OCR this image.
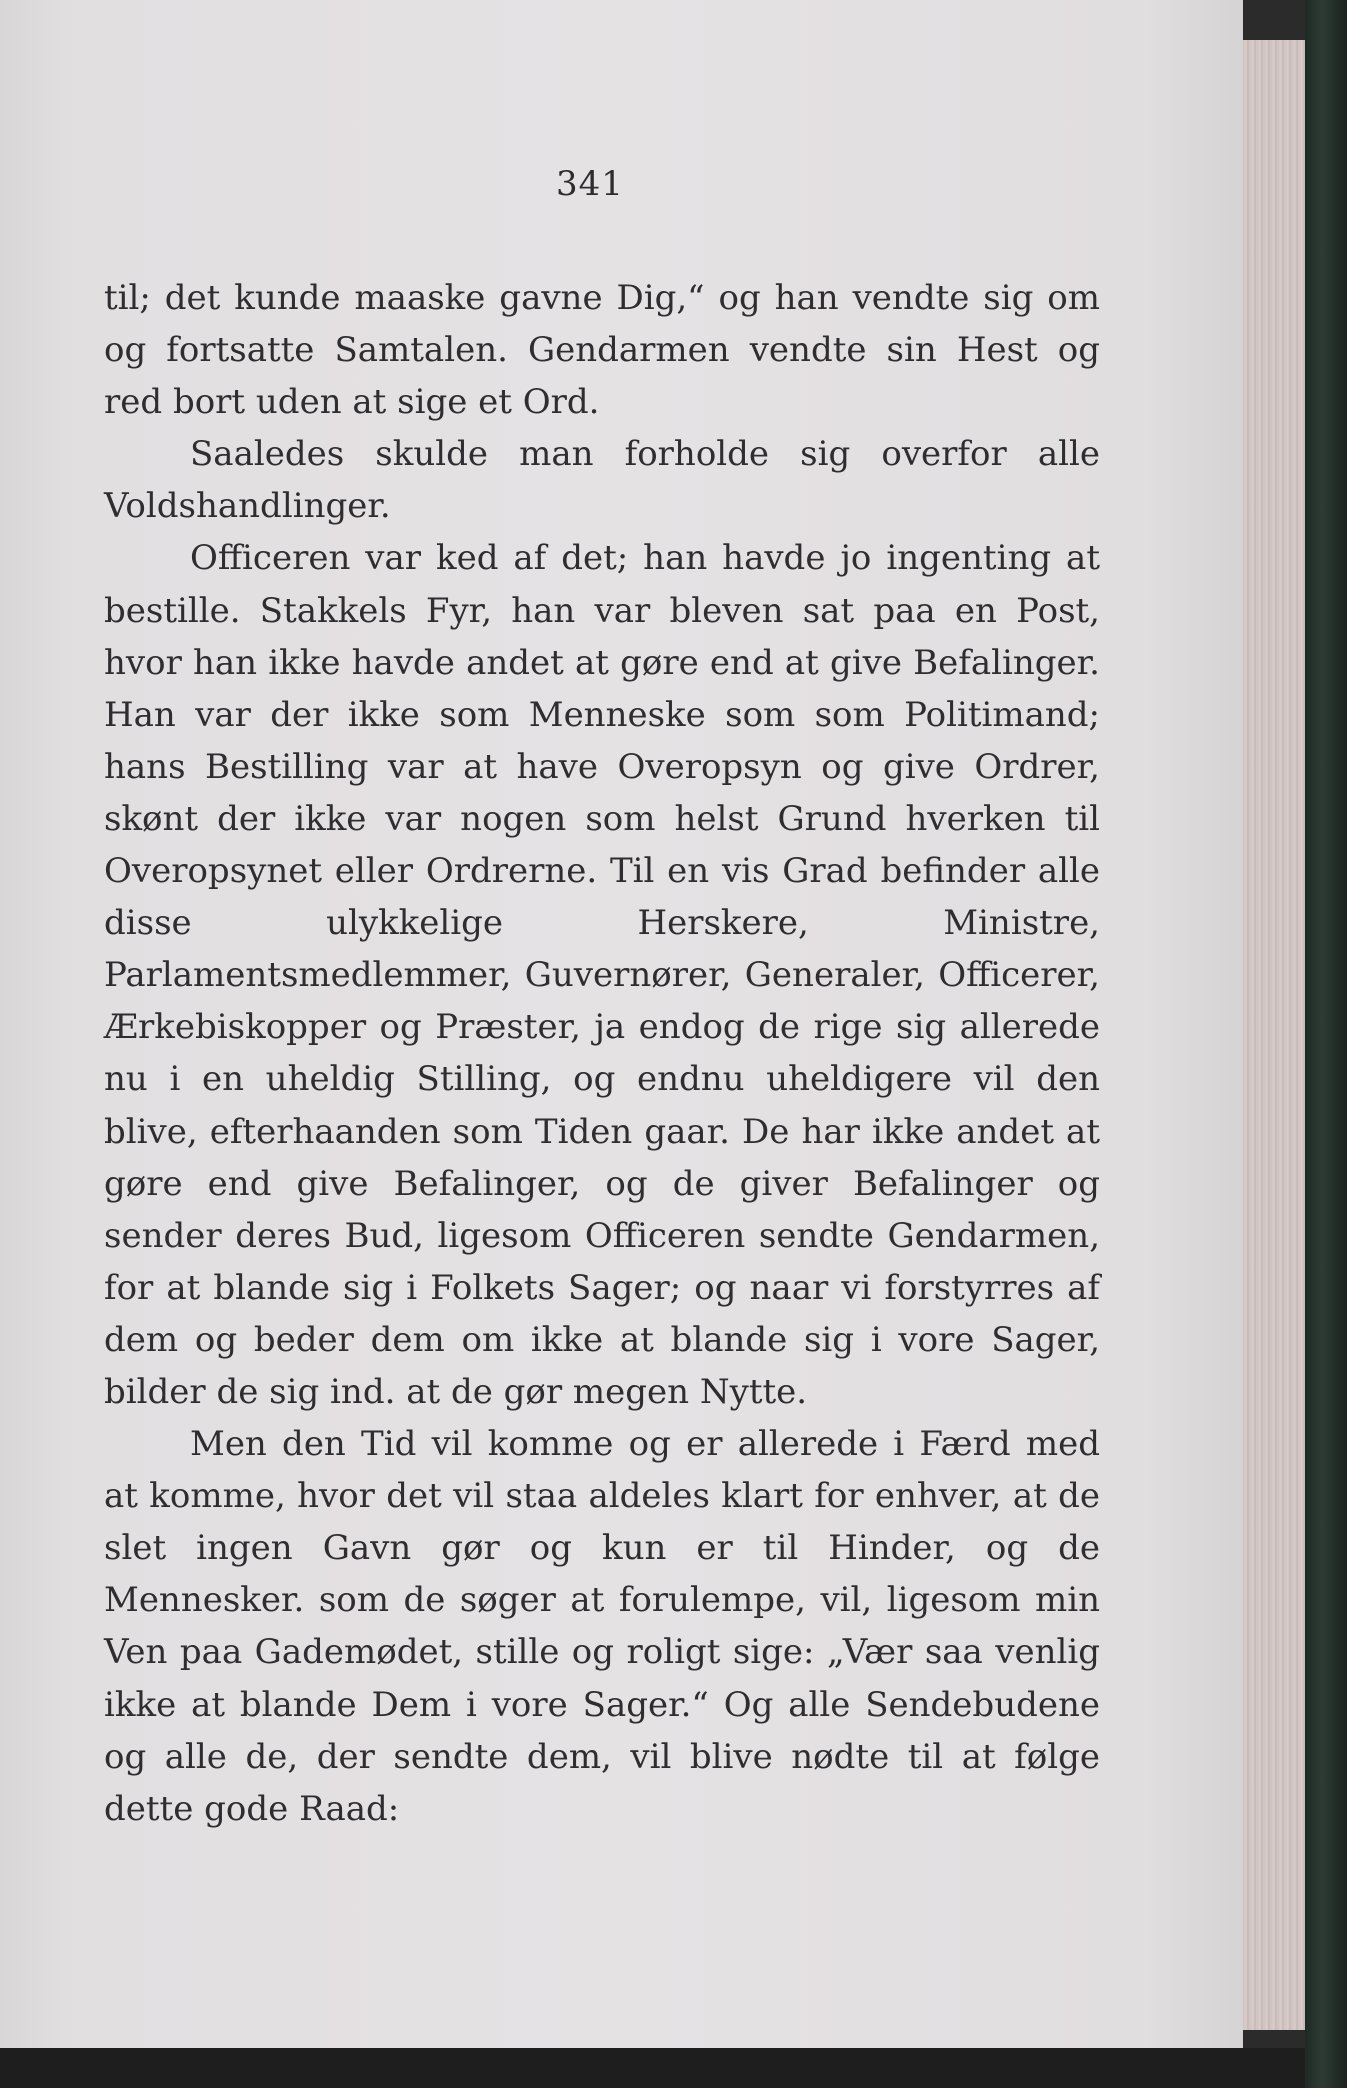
341

til; det kunde maaske gavne Dig,“ og han vendte sig om og fortsatte Samtalen. Gendarmen vendte sin Hest og red bort uden at sige et Ord.

Saaledes skulde man forholde sig overfor alle Voldshandlinger.

Officeren var ked af det; han havde jo ingenting at bestille. Stakkels Fyr, han var bleven sat paa en Post, hvor han ikke havde andet at gøre end at give Befalinger. Han var der ikke som Menneske som som Politimand; hans Bestilling var at have Overopsyn og give Ordrer, skønt der ikke var nogen som helst Grund hverken til Overopsynet eller Ordrerne. Til en vis Grad befinder alle disse ulykkelige Herskere, Ministre, Parlamentsmedlemmer, Guvernører, Generaler, Officerer, Ærkebiskopper og Præster, ja endog de rige sig allerede nu i en uheldig Stilling, og endnu uheldigere vil den blive, efterhaanden som Tiden gaar. De har ikke andet at gøre end give Befalinger, og de giver Befalinger og sender deres Bud, ligesom Officeren sendte Gendarmen, for at blande sig i Folkets Sager; og naar vi forstyrres af dem og beder dem om ikke at blande sig i vore Sager, bilder de sig ind. at de gør megen Nytte.

Men den Tid vil komme og er allerede i Færd med at komme, hvor det vil staa aldeles klart for enhver, at de slet ingen Gavn gør og kun er til Hinder, og de Mennesker. som de søger at forulempe, vil, ligesom min Ven paa Gademødet, stille og roligt sige: „Vær saa venlig ikke at blande Dem i vore Sager.“ Og alle Sendebudene og alle de, der sendte dem, vil blive nødte til at følge dette gode Raad:
